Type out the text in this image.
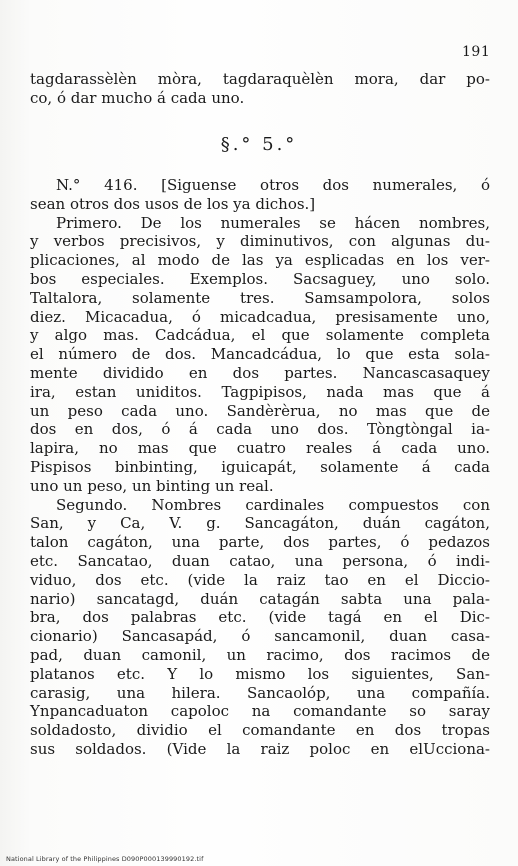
191
tagdarassèlèn mòra, tagdaraquèlèn mora, dar po-
co, ó dar mucho á cada uno.
§.° 5.°
N.° 416. [Siguense otros dos numerales, ó
sean otros dos usos de los ya dichos.]
Primero. De los numerales se hácen nombres,
y verbos precisivos, y diminutivos, con algunas du-
plicaciones, al modo de las ya esplicadas en los ver-
bos especiales. Exemplos. Sacsaguey, uno solo.
Taltalora, solamente tres. Samsampolora, solos
diez. Micacadua, ó micadcadua, presisamente uno,
y algo mas. Cadcádua, el que solamente completa
el número de dos. Mancadcádua, lo que esta sola-
mente dividido en dos partes. Nancascasaquey
ira, estan uniditos. Tagpipisos, nada mas que á
un peso cada uno. Sandèrèrua, no mas que de
dos en dos, ó á cada uno dos. Tòngtòngal ia-
lapira, no mas que cuatro reales á cada uno.
Pispisos binbinting, iguicapát, solamente á cada
uno un peso, un binting un real.
Segundo. Nombres cardinales compuestos con
San, y Ca, V. g. Sancagáton, duán cagáton,
talon cagáton, una parte, dos partes, ó pedazos
etc. Sancatao, duan catao, una persona, ó indi-
viduo, dos etc. (vide la raiz tao en el Diccio-
nario) sancatagd, duán catagán sabta una pala-
bra, dos palabras etc. (vide tagá en el Dic-
cionario) Sancasapád, ó sancamonil, duan casa-
pad, duan camonil, un racimo, dos racimos de
platanos etc. Y lo mismo los siguientes, San-
carasig, una hilera. Sancaolóp, una compañía.
Ynpancaduaton capoloc na comandante so saray
soldadosto, dividio el comandante en dos tropas
sus soldados. (Vide la raiz poloc en elUcciona-
National Library of the Philippines D090P000139990192.tif
